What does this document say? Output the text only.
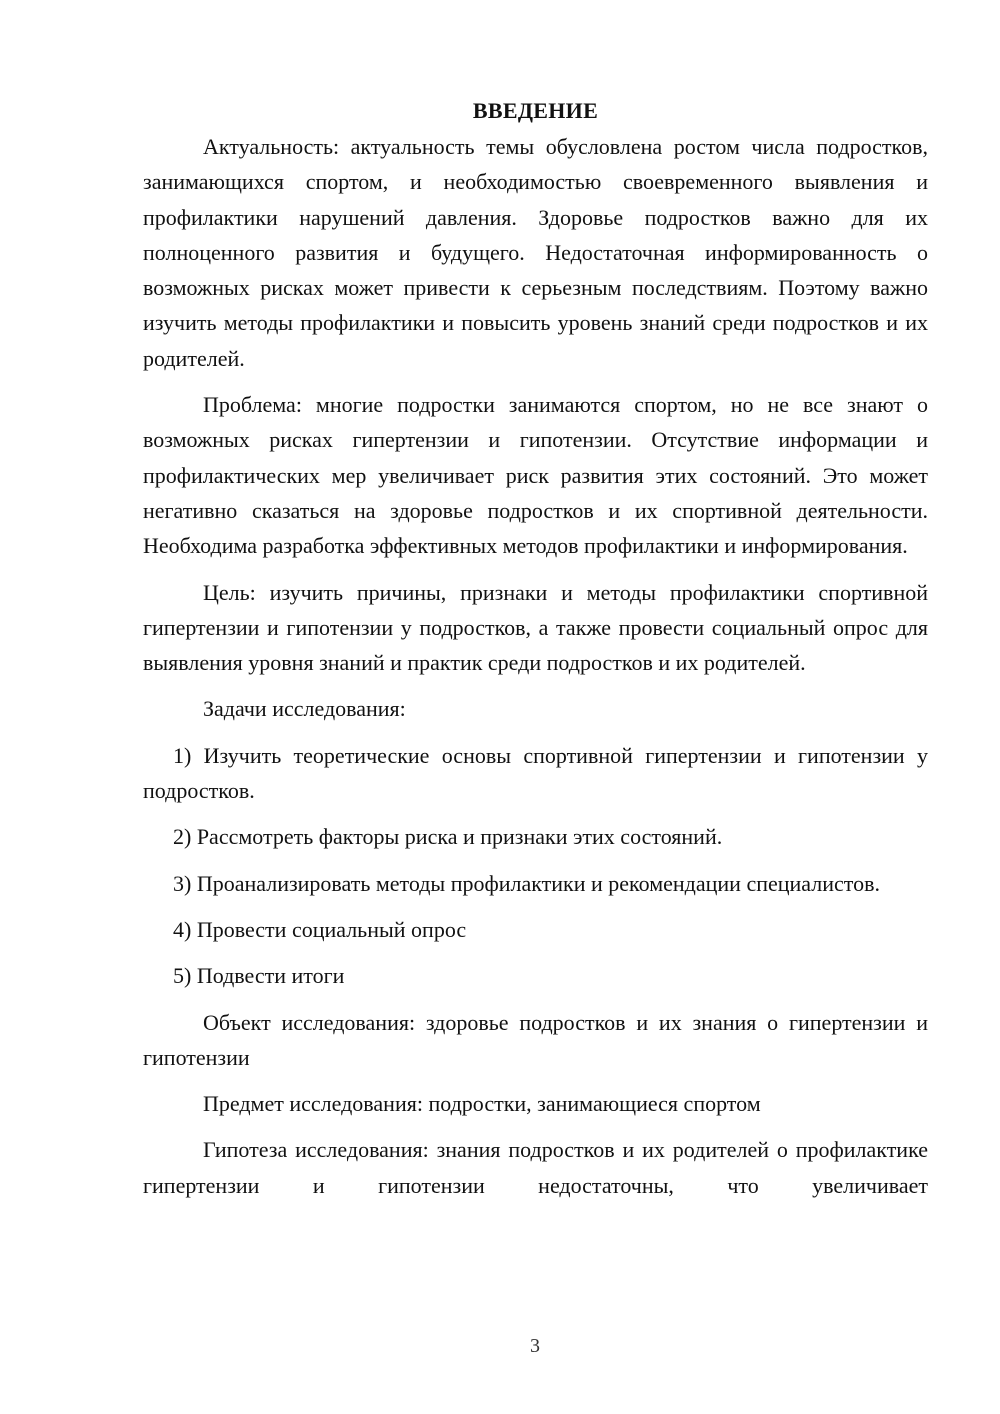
ВВЕДЕНИЕ

Актуальность: актуальность темы обусловлена ростом числа подростков, занимающихся спортом, и необходимостью своевременного выявления и профилактики нарушений давления. Здоровье подростков важно для их полноценного развития и будущего. Недостаточная информированность о возможных рисках может привести к серьезным последствиям. Поэтому важно изучить методы профилактики и повысить уровень знаний среди подростков и их родителей.

Проблема: многие подростки занимаются спортом, но не все знают о возможных рисках гипертензии и гипотензии. Отсутствие информации и профилактических мер увеличивает риск развития этих состояний. Это может негативно сказаться на здоровье подростков и их спортивной деятельности. Необходима разработка эффективных методов профилактики и информирования.

Цель: изучить причины, признаки и методы профилактики спортивной гипертензии и гипотензии у подростков, а также провести социальный опрос для выявления уровня знаний и практик среди подростков и их родителей.

Задачи исследования:

1) Изучить теоретические основы спортивной гипертензии и гипотензии у подростков.

2) Рассмотреть факторы риска и признаки этих состояний.

3) Проанализировать методы профилактики и рекомендации специалистов.

4) Провести социальный опрос

5) Подвести итоги

Объект исследования: здоровье подростков и их знания о гипертензии и гипотензии

Предмет исследования: подростки, занимающиеся спортом

Гипотеза исследования: знания подростков и их родителей о профилактике гипертензии и гипотензии недостаточны, что увеличивает

3
